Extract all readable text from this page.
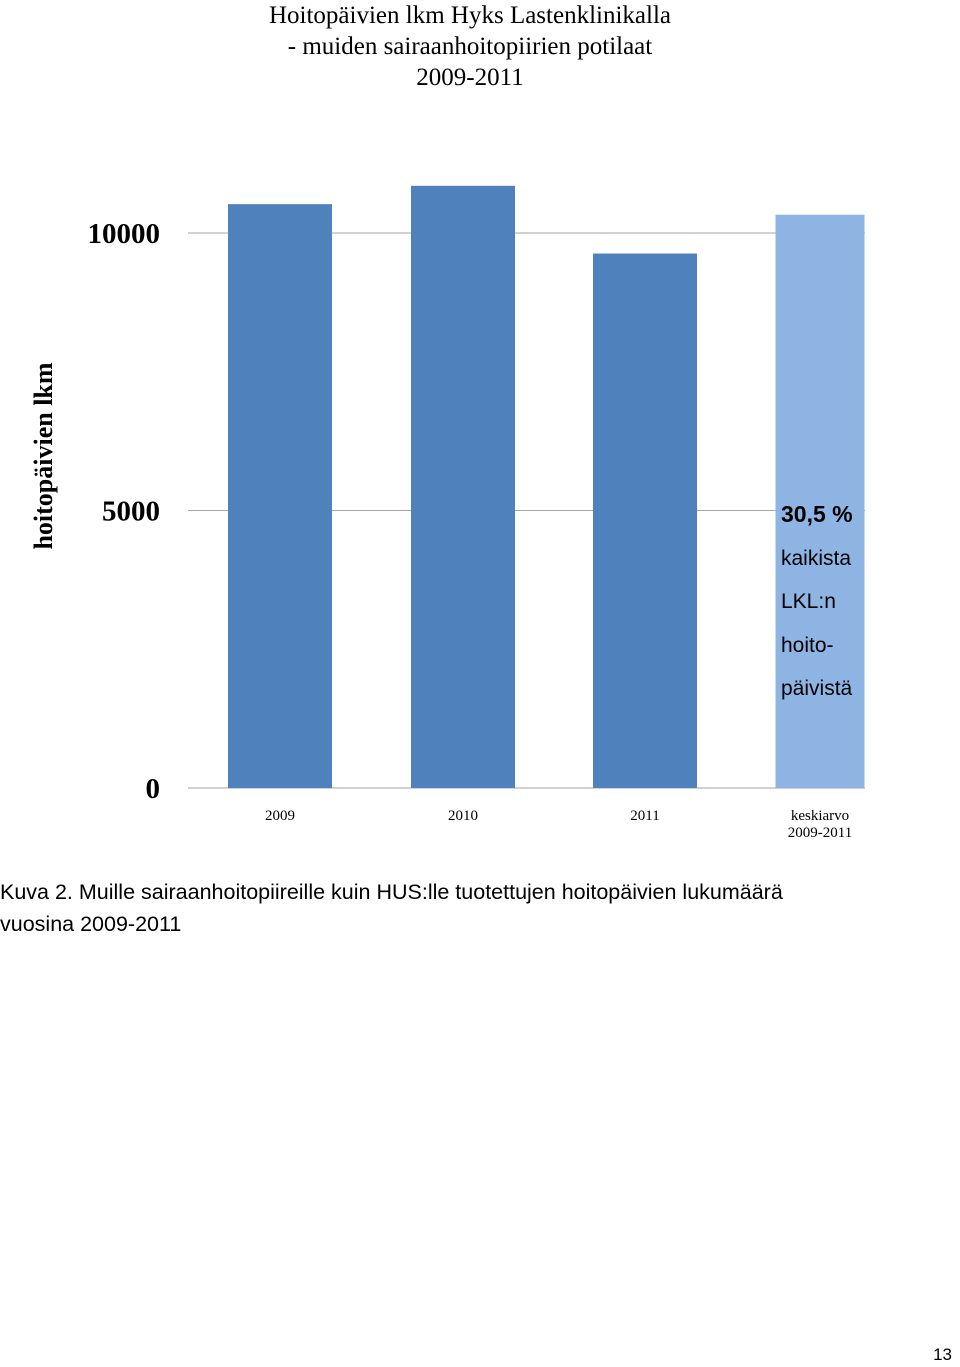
Hoitopäivien lkm Hyks Lastenklinikalla
- muiden sairaanhoitopiirien potilaat
2009-2011
hoitopäivien lkm
0
5000
10000
2009	2010	2011	keskiarvo
2009-2011
30,5 %
kaikista
LKL:n
hoito-
päivistä
Kuva 2. Muille sairaanhoitopiireille kuin HUS:lle tuotettujen hoitopäivien lukumäärä
vuosina 2009-2011
13
